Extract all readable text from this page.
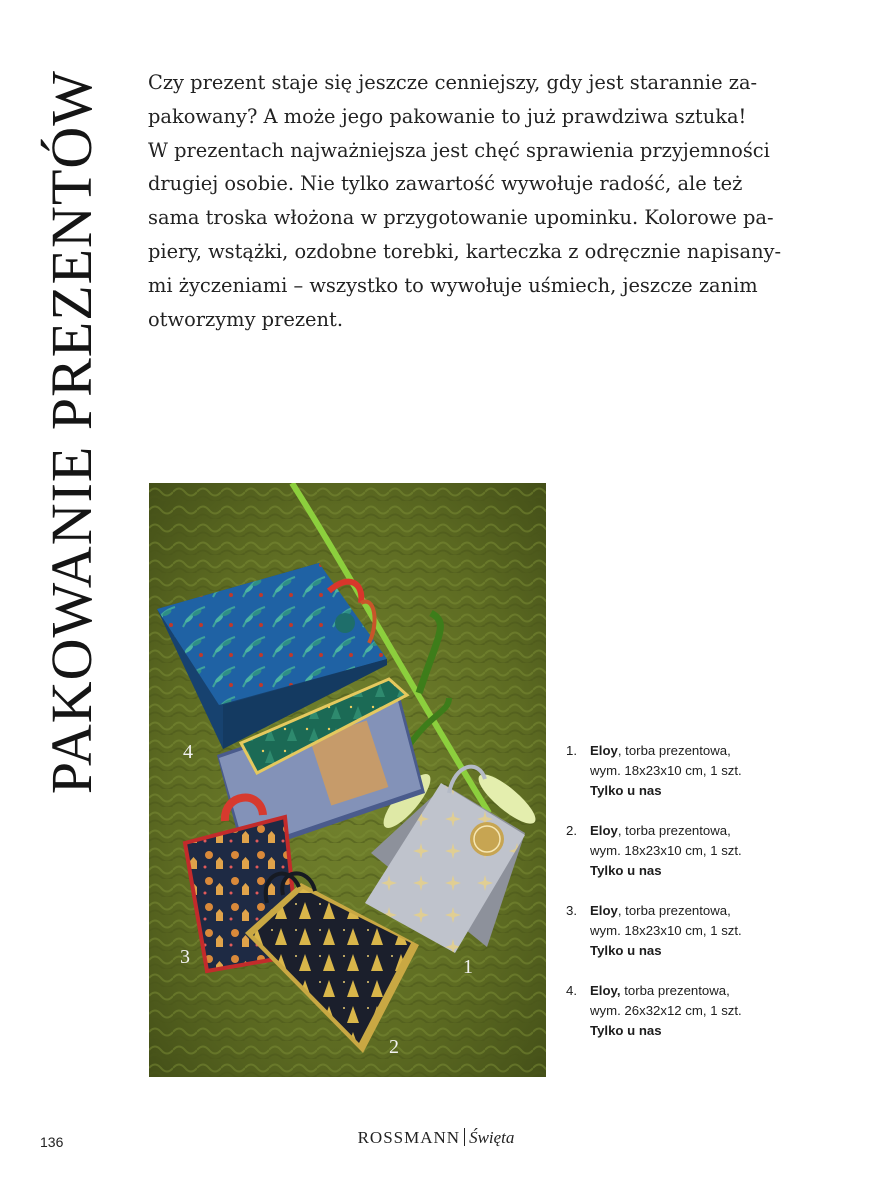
PAKOWANIE PREZENTÓW Czy prezent staje się jeszcze cenniejszy, gdy jest starannie za-
pakowany? A może jego pakowanie to już prawdziwa sztuka!
W prezentach najważniejsza jest chęć sprawienia przyjemności
drugiej osobie. Nie tylko zawartość wywołuje radość, ale też
sama troska włożona w przygotowanie upominku. Kolorowe pa-
piery, wstążki, ozdobne torebki, karteczka z odręcznie napisany-
mi życzeniami – wszystko to wywołuje uśmiech, jeszcze zanim
otworzymy prezent.

1
2
3
4	1. Eloy, torba prezentowa,
wym. 18x23x10 cm, 1 szt.
Tylko u nas
2. Eloy, torba prezentowa,
wym. 18x23x10 cm, 1 szt.
Tylko u nas
3. Eloy, torba prezentowa,
wym. 18x23x10 cm, 1 szt.
Tylko u nas
4. Eloy, torba prezentowa,
wym. 26x32x12 cm, 1 szt.
Tylko u nas
136	ROSSMANN Święta
